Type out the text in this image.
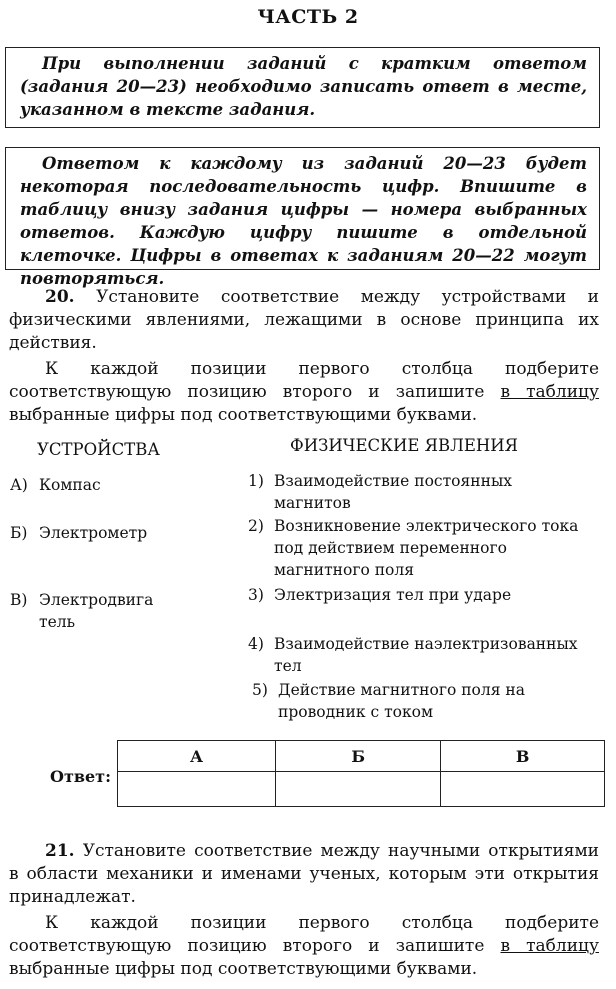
ЧАСТЬ 2

При выполнении заданий с кратким ответом (задания 20—23) необходимо записать ответ в месте, указанном в тексте задания.

Ответом к каждому из заданий 20—23 будет некоторая последовательность цифр. Впишите в таблицу внизу задания цифры — номера выбранных ответов. Каждую цифру пишите в отдельной клеточке. Цифры в ответах к заданиям 20—22 могут повторяться.

20. Установите соответствие между устройствами и физическими явлениями, лежащими в основе принципа их действия.

К каждой позиции первого столбца подберите соответствующую позицию второго и запишите в таблицу выбранные цифры под соответствующими буквами.

УСТРОЙСТВА	ФИЗИЧЕСКИЕ ЯВЛЕНИЯ
А) Компас
Б) Электрометр
В) Электродвигатель
1) Взаимодействие постоянных магнитов
2) Возникновение электрического тока под действием переменного магнитного поля
3) Электризация тел при ударе
4) Взаимодействие наэлектризованных тел
5) Действие магнитного поля на проводник с током
Ответ:
А	Б	В

21. Установите соответствие между научными открытиями в области механики и именами ученых, которым эти открытия принадлежат.

К каждой позиции первого столбца подберите соответствующую позицию второго и запишите в таблицу выбранные цифры под соответствующими буквами.
